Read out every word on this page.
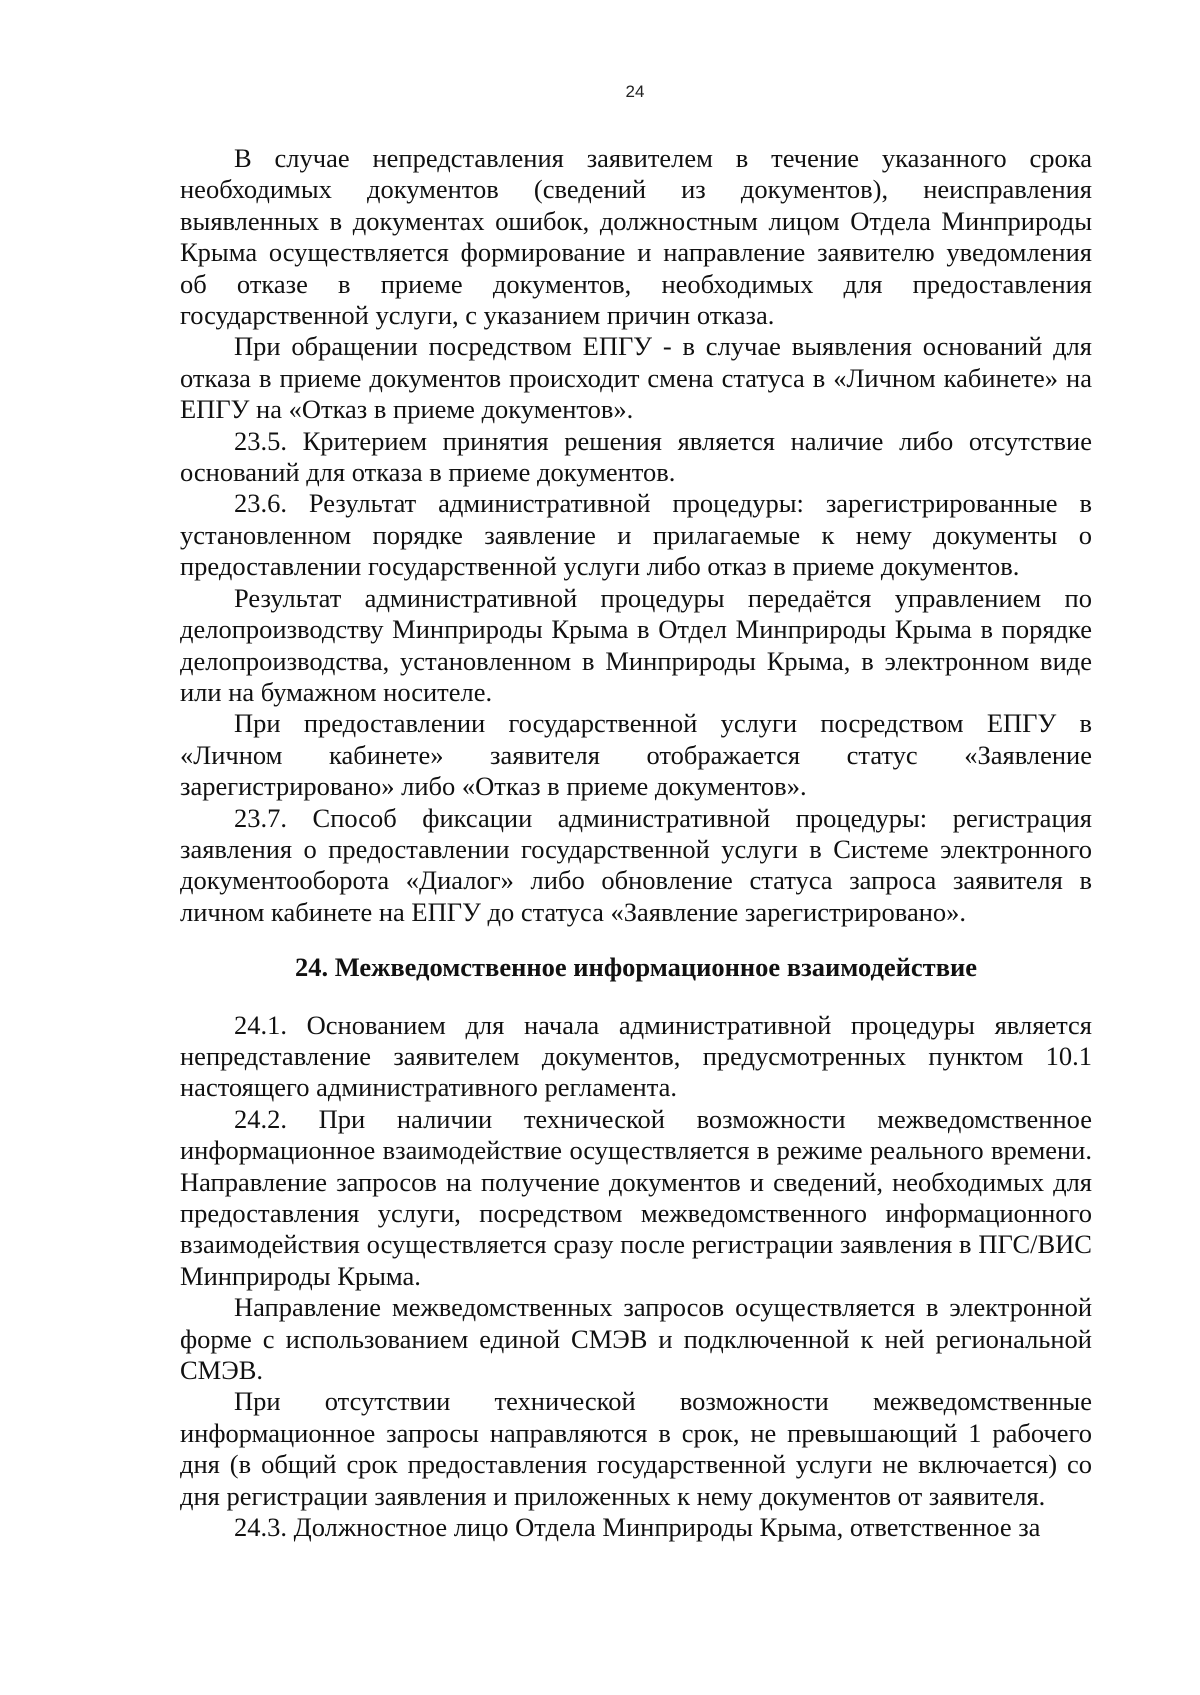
24

В случае непредставления заявителем в течение указанного срока необходимых документов (сведений из документов), неисправления выявленных в документах ошибок, должностным лицом Отдела Минприроды Крыма осуществляется формирование и направление заявителю уведомления об отказе в приеме документов, необходимых для предоставления государственной услуги, с указанием причин отказа.

При обращении посредством ЕПГУ - в случае выявления оснований для отказа в приеме документов происходит смена статуса в «Личном кабинете» на ЕПГУ на «Отказ в приеме документов».

23.5. Критерием принятия решения является наличие либо отсутствие оснований для отказа в приеме документов.

23.6. Результат административной процедуры: зарегистрированные в установленном порядке заявление и прилагаемые к нему документы о предоставлении государственной услуги либо отказ в приеме документов.

Результат административной процедуры передаётся управлением по делопроизводству Минприроды Крыма в Отдел Минприроды Крыма в порядке делопроизводства, установленном в Минприроды Крыма, в электронном виде или на бумажном носителе.

При предоставлении государственной услуги посредством ЕПГУ в «Личном кабинете» заявителя отображается статус «Заявление зарегистрировано» либо «Отказ в приеме документов».

23.7. Способ фиксации административной процедуры: регистрация заявления о предоставлении государственной услуги в Системе электронного документооборота «Диалог» либо обновление статуса запроса заявителя в личном кабинете на ЕПГУ до статуса «Заявление зарегистрировано».

24. Межведомственное информационное взаимодействие

24.1. Основанием для начала административной процедуры является непредставление заявителем документов, предусмотренных пунктом 10.1 настоящего административного регламента.

24.2. При наличии технической возможности межведомственное информационное взаимодействие осуществляется в режиме реального времени. Направление запросов на получение документов и сведений, необходимых для предоставления услуги, посредством межведомственного информационного взаимодействия осуществляется сразу после регистрации заявления в ПГС/ВИС Минприроды Крыма.

Направление межведомственных запросов осуществляется в электронной форме с использованием единой СМЭВ и подключенной к ней региональной СМЭВ.

При отсутствии технической возможности межведомственные информационное запросы направляются в срок, не превышающий 1 рабочего дня (в общий срок предоставления государственной услуги не включается) со дня регистрации заявления и приложенных к нему документов от заявителя.

24.3. Должностное лицо Отдела Минприроды Крыма, ответственное за
